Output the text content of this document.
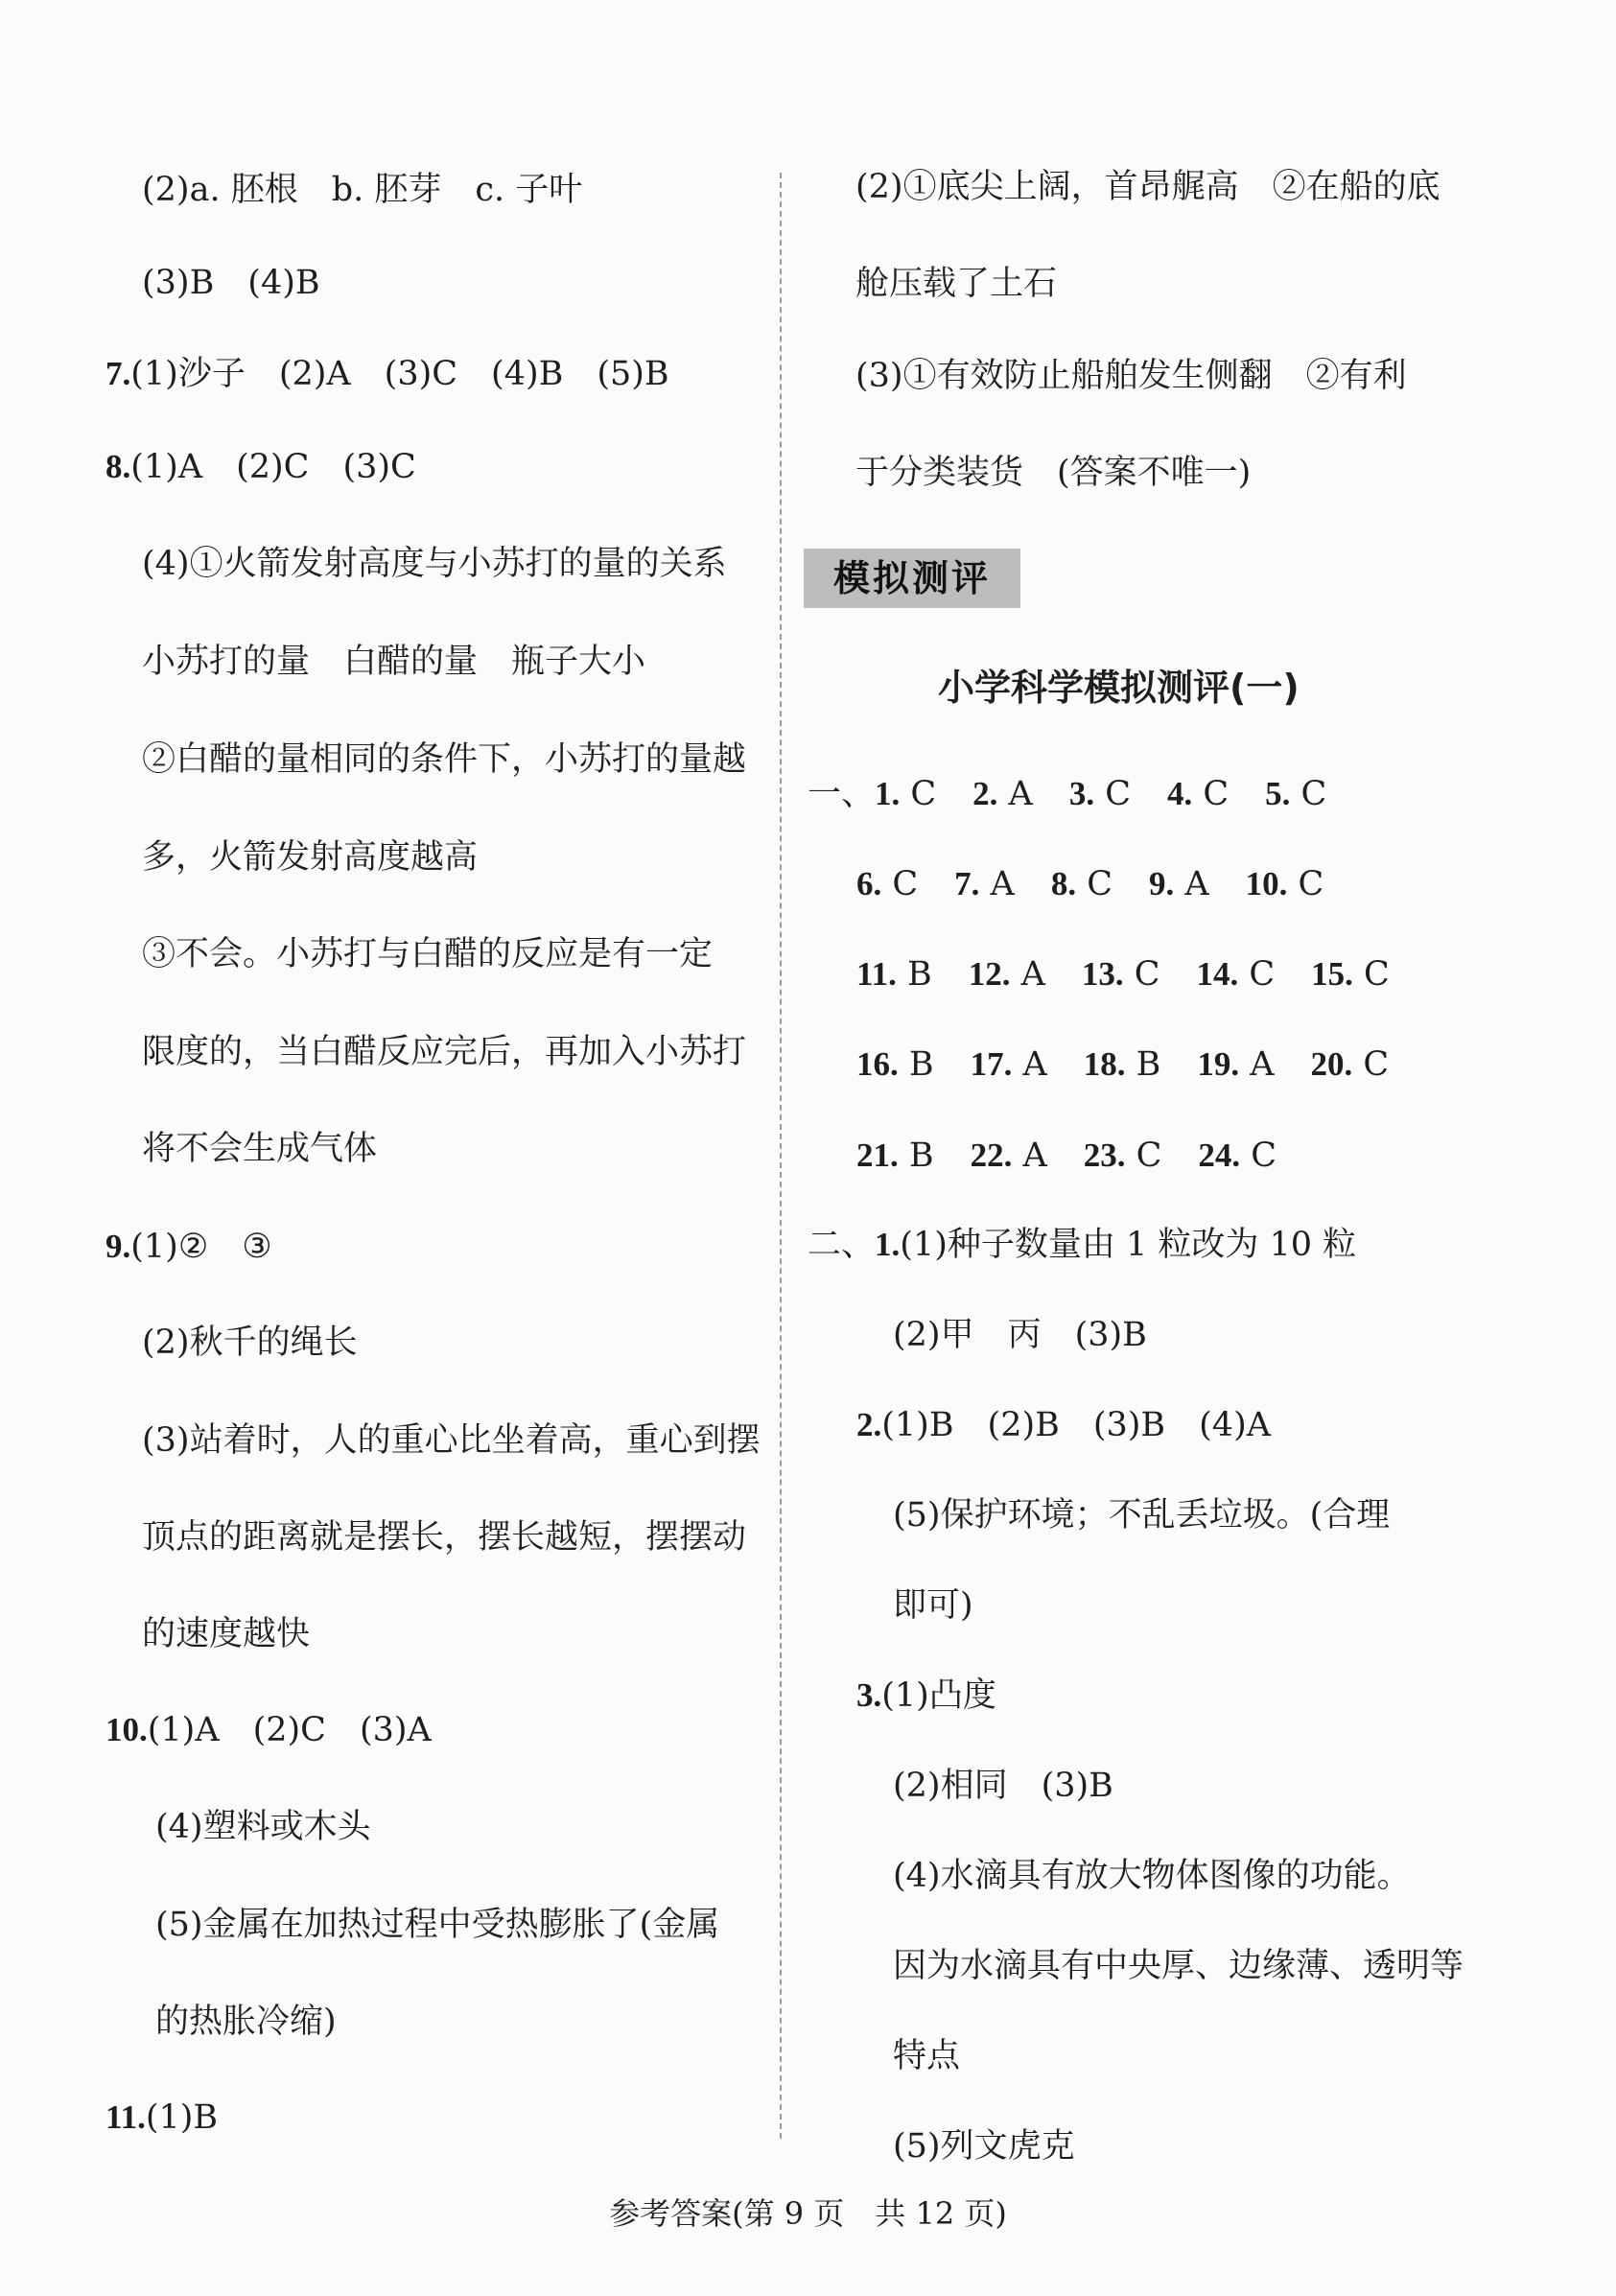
(2)a. 胚根　b. 胚芽　c. 子叶
(3)B　(4)B
7.(1)沙子　(2)A　(3)C　(4)B　(5)B
8.(1)A　(2)C　(3)C
(4)①火箭发射高度与小苏打的量的关系
小苏打的量　白醋的量　瓶子大小
②白醋的量相同的条件下，小苏打的量越
多，火箭发射高度越高
③不会。小苏打与白醋的反应是有一定
限度的，当白醋反应完后，再加入小苏打
将不会生成气体
9.(1)②　③
(2)秋千的绳长
(3)站着时，人的重心比坐着高，重心到摆
顶点的距离就是摆长，摆长越短，摆摆动
的速度越快
10.(1)A　(2)C　(3)A
(4)塑料或木头
(5)金属在加热过程中受热膨胀了(金属
的热胀冷缩)
11.(1)B
(2)①底尖上阔，首昂艉高　②在船的底
舱压载了土石
(3)①有效防止船舶发生侧翻　②有利
于分类装货　(答案不唯一)
模拟测评
小学科学模拟测评(一)
一、1. C 2. A 3. C 4. C 5. C
6. C 7. A 8. C 9. A 10. C
11. B 12. A 13. C 14. C 15. C
16. B 17. A 18. B 19. A 20. C
21. B 22. A 23. C 24. C
二、1.(1)种子数量由 1 粒改为 10 粒
(2)甲　丙　(3)B
2.(1)B　(2)B　(3)B　(4)A
(5)保护环境；不乱丢垃圾。(合理
即可)
3.(1)凸度
(2)相同　(3)B
(4)水滴具有放大物体图像的功能。
因为水滴具有中央厚、边缘薄、透明等
特点
(5)列文虎克
参考答案(第 9 页　共 12 页)
